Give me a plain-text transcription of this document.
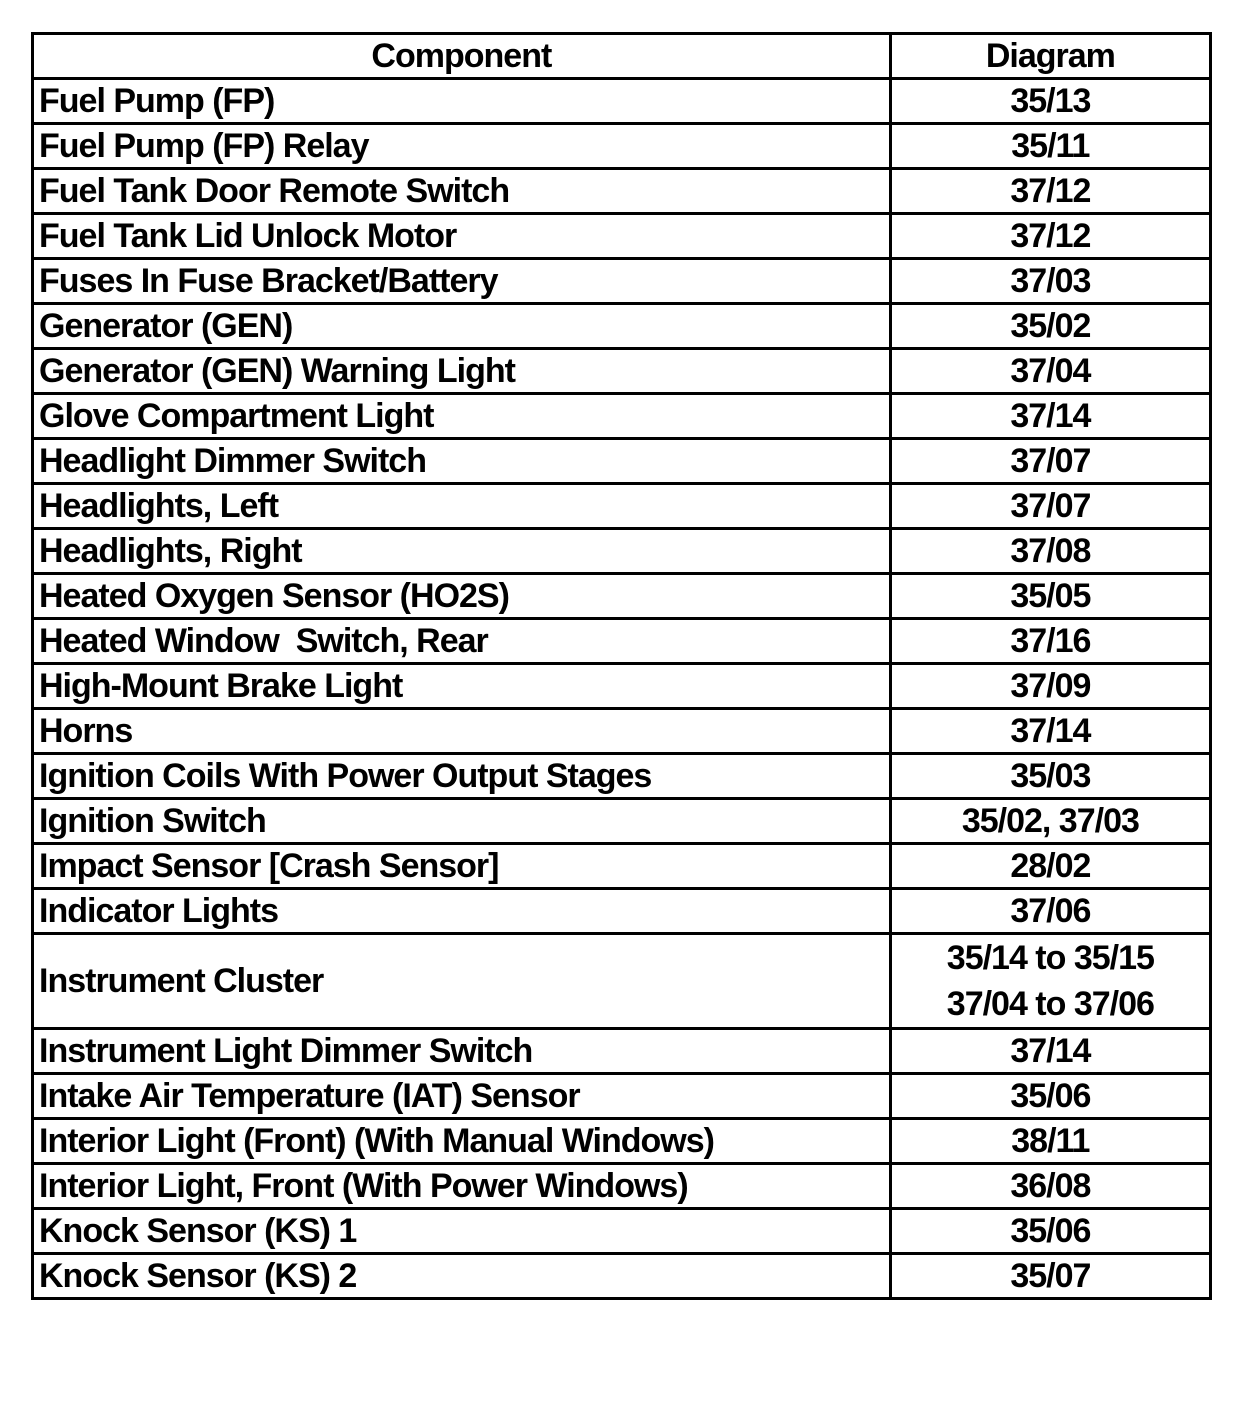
Component	Diagram
Fuel Pump (FP)	35/13
Fuel Pump (FP) Relay	35/11
Fuel Tank Door Remote Switch	37/12
Fuel Tank Lid Unlock Motor	37/12
Fuses In Fuse Bracket/Battery	37/03
Generator (GEN)	35/02
Generator (GEN) Warning Light	37/04
Glove Compartment Light	37/14
Headlight Dimmer Switch	37/07
Headlights, Left	37/07
Headlights, Right	37/08
Heated Oxygen Sensor (HO2S)	35/05
Heated Window  Switch, Rear	37/16
High-Mount Brake Light	37/09
Horns	37/14
Ignition Coils With Power Output Stages	35/03
Ignition Switch	35/02, 37/03
Impact Sensor [Crash Sensor]	28/02
Indicator Lights	37/06
Instrument Cluster	35/14 to 35/15
37/04 to 37/06

Instrument Light Dimmer Switch	37/14
Intake Air Temperature (IAT) Sensor	35/06
Interior Light (Front) (With Manual Windows)	38/11
Interior Light, Front (With Power Windows)	36/08
Knock Sensor (KS) 1	35/06
Knock Sensor (KS) 2	35/07
